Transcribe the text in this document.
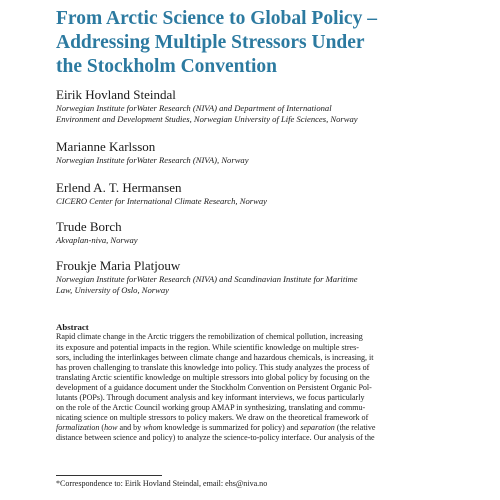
From Arctic Science to Global Policy –
Addressing Multiple Stressors Under
the Stockholm Convention
Eirik Hovland Steindal
Norwegian Institute forWater Research (NIVA) and Department of International
Environment and Development Studies, Norwegian University of Life Sciences, Norway
Marianne Karlsson
Norwegian Institute forWater Research (NIVA), Norway
Erlend A. T. Hermansen
CICERO Center for International Climate Research, Norway
Trude Borch
Akvaplan-niva, Norway
Froukje Maria Platjouw
Norwegian Institute forWater Research (NIVA) and Scandinavian Institute for Maritime
Law, University of Oslo, Norway
Abstract
Rapid climate change in the Arctic triggers the remobilization of chemical pollution, increasing
its exposure and potential impacts in the region. While scientific knowledge on multiple stres-
sors, including the interlinkages between climate change and hazardous chemicals, is increasing, it
has proven challenging to translate this knowledge into policy. This study analyzes the process of
translating Arctic scientific knowledge on multiple stressors into global policy by focusing on the
development of a guidance document under the Stockholm Convention on Persistent Organic Pol-
lutants (POPs). Through document analysis and key informant interviews, we focus particularly
on the role of the Arctic Council working group AMAP in synthesizing, translating and commu-
nicating science on multiple stressors to policy makers. We draw on the theoretical framework of
formalization (how and by whom knowledge is summarized for policy) and separation (the relative
distance between science and policy) to analyze the science-to-policy interface. Our analysis of the
*Correspondence to: Eirik Hovland Steindal, email: ehs@niva.no
